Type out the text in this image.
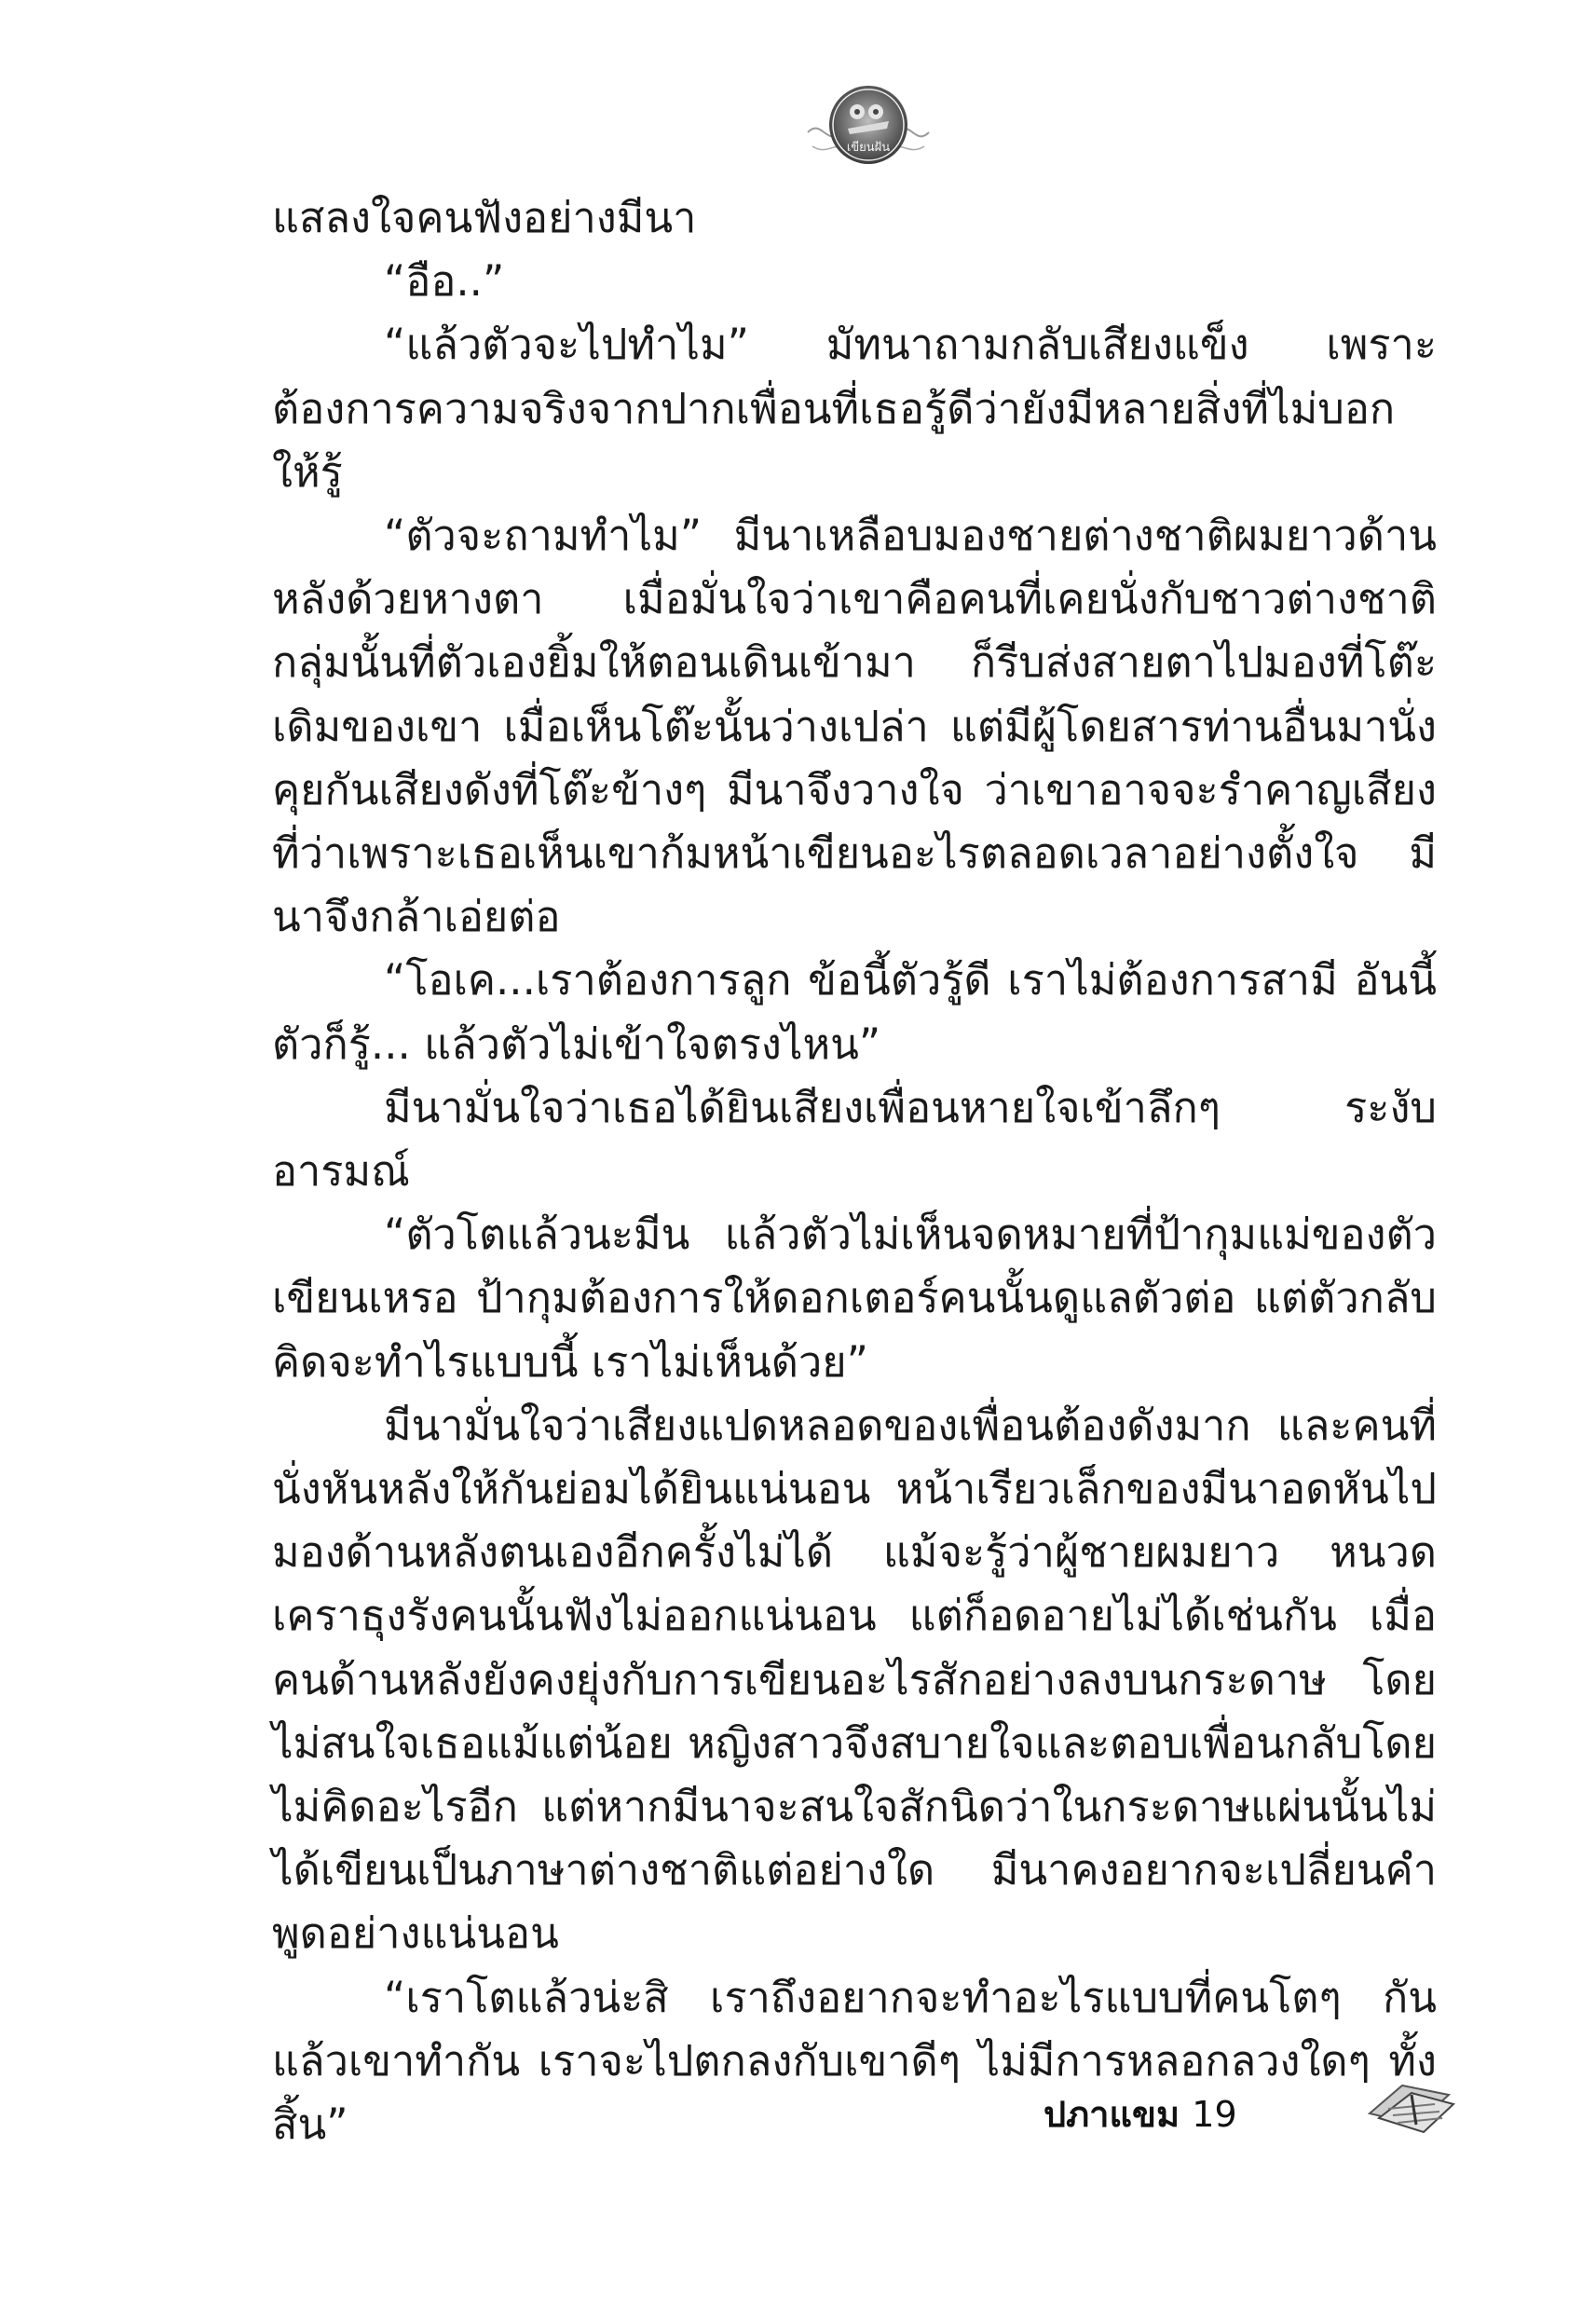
เขียนฝัน

แสลงใจคนฟังอย่างมีนา

“อือ..”

“แล้วตัวจะไปทำไม” มัทนาถามกลับเสียงแข็ง เพราะต้องการความจริงจากปากเพื่อนที่เธอรู้ดีว่ายังมีหลายสิ่งที่ไม่บอกให้รู้

“ตัวจะถามทำไม” มีนาเหลือบมองชายต่างชาติผมยาวด้านหลังด้วยหางตา เมื่อมั่นใจว่าเขาคือคนที่เคยนั่งกับชาวต่างชาติกลุ่มนั้นที่ตัวเองยิ้มให้ตอนเดินเข้ามา ก็รีบส่งสายตาไปมองที่โต๊ะเดิมของเขา เมื่อเห็นโต๊ะนั้นว่างเปล่า แต่มีผู้โดยสารท่านอื่นมานั่งคุยกันเสียงดังที่โต๊ะข้างๆ มีนาจึงวางใจ ว่าเขาอาจจะรำคาญเสียงที่ว่าเพราะเธอเห็นเขาก้มหน้าเขียนอะไรตลอดเวลาอย่างตั้งใจ มีนาจึงกล้าเอ่ยต่อ

“โอเค...เราต้องการลูก ข้อนี้ตัวรู้ดี เราไม่ต้องการสามี อันนี้ตัวก็รู้... แล้วตัวไม่เข้าใจตรงไหน”

มีนามั่นใจว่าเธอได้ยินเสียงเพื่อนหายใจเข้าลึกๆ ระงับอารมณ์

“ตัวโตแล้วนะมีน แล้วตัวไม่เห็นจดหมายที่ป้ากุมแม่ของตัวเขียนเหรอ ป้ากุมต้องการให้ดอกเตอร์คนนั้นดูแลตัวต่อ แต่ตัวกลับคิดจะทำไรแบบนี้ เราไม่เห็นด้วย”

มีนามั่นใจว่าเสียงแปดหลอดของเพื่อนต้องดังมาก และคนที่นั่งหันหลังให้กันย่อมได้ยินแน่นอน หน้าเรียวเล็กของมีนาอดหันไปมองด้านหลังตนเองอีกครั้งไม่ได้ แม้จะรู้ว่าผู้ชายผมยาว หนวดเคราธุงรังคนนั้นฟังไม่ออกแน่นอน แต่ก็อดอายไม่ได้เช่นกัน เมื่อคนด้านหลังยังคงยุ่งกับการเขียนอะไรสักอย่างลงบนกระดาษ โดยไม่สนใจเธอแม้แต่น้อย หญิงสาวจึงสบายใจและตอบเพื่อนกลับโดยไม่คิดอะไรอีก แต่หากมีนาจะสนใจสักนิดว่าในกระดาษแผ่นนั้นไม่ได้เขียนเป็นภาษาต่างชาติแต่อย่างใด มีนาคงอยากจะเปลี่ยนคำพูดอย่างแน่นอน

“เราโตแล้วน่ะสิ เราถึงอยากจะทำอะไรแบบที่คนโตๆ กันแล้วเขาทำกัน เราจะไปตกลงกับเขาดีๆ ไม่มีการหลอกลวงใดๆ ทั้งสิ้น”	ปภาแขม 19
